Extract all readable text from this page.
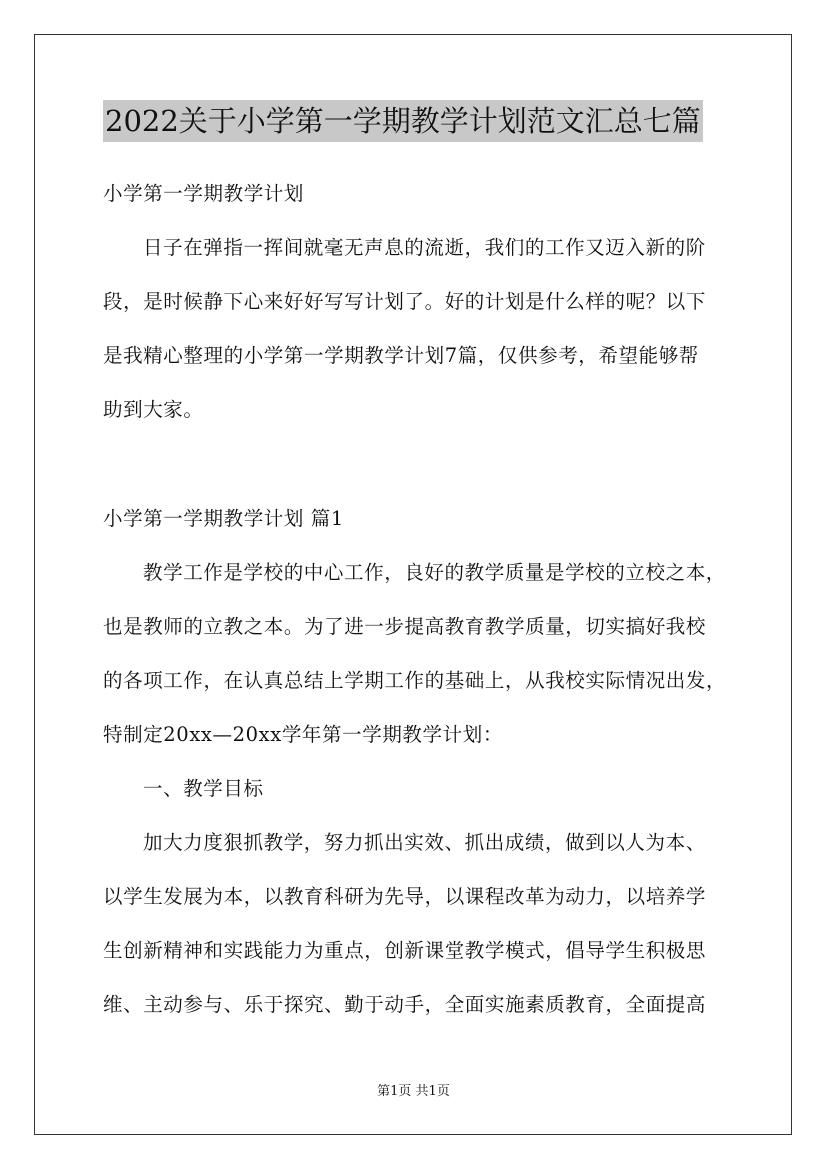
2022关于小学第一学期教学计划范文汇总七篇
小学第一学期教学计划
日子在弹指一挥间就毫无声息的流逝，我们的工作又迈入新的阶
段，是时候静下心来好好写写计划了。好的计划是什么样的呢？以下
是我精心整理的小学第一学期教学计划7篇，仅供参考，希望能够帮
助到大家。
小学第一学期教学计划 篇1
教学工作是学校的中心工作，良好的教学质量是学校的立校之本，
也是教师的立教之本。为了进一步提高教育教学质量，切实搞好我校
的各项工作，在认真总结上学期工作的基础上，从我校实际情况出发，
特制定20xx—20xx学年第一学期教学计划：
一、教学目标
加大力度狠抓教学，努力抓出实效、抓出成绩，做到以人为本、
以学生发展为本，以教育科研为先导，以课程改革为动力，以培养学
生创新精神和实践能力为重点，创新课堂教学模式，倡导学生积极思
维、主动参与、乐于探究、勤于动手，全面实施素质教育，全面提高
第1页 共1页
